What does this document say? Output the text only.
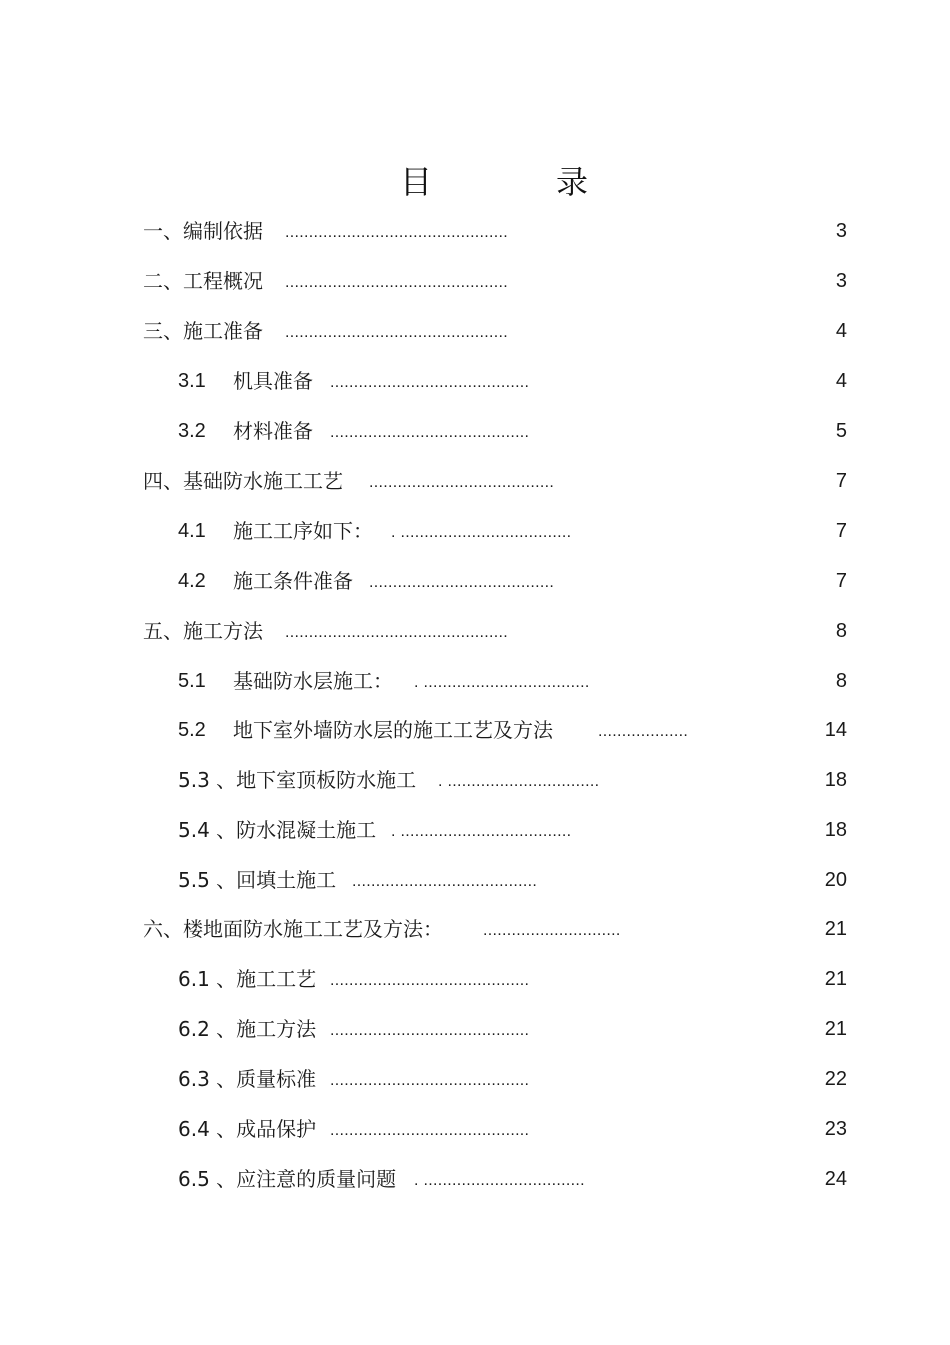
目	录
一、编制依据 ...............................................	3
二、工程概况 ...............................................	3
三、施工准备 ...............................................	4
3.1 机具准备 ..........................................	4
3.2 材料准备 ..........................................	5
四、基础防水施工工艺 .......................................	7
4.1 施工工序如下： . ....................................	7
4.2 施工条件准备 .......................................	7
五、施工方法 ...............................................	8
5.1 基础防水层施工： . ...................................	8
5.2 地下室外墙防水层的施工工艺及方法	...................	14
5.3 、地下室顶板防水施工 . ................................	18
5.4 、防水混凝土施工 . ....................................	18
5.5 、回填土施工 .......................................	20
六、楼地面防水施工工艺及方法：	.............................	21
6.1 、施工工艺 ..........................................	21
6.2 、施工方法 ..........................................	21
6.3 、质量标准 ..........................................	22
6.4 、成品保护 ..........................................	23
6.5 、应注意的质量问题 . ..................................	24
